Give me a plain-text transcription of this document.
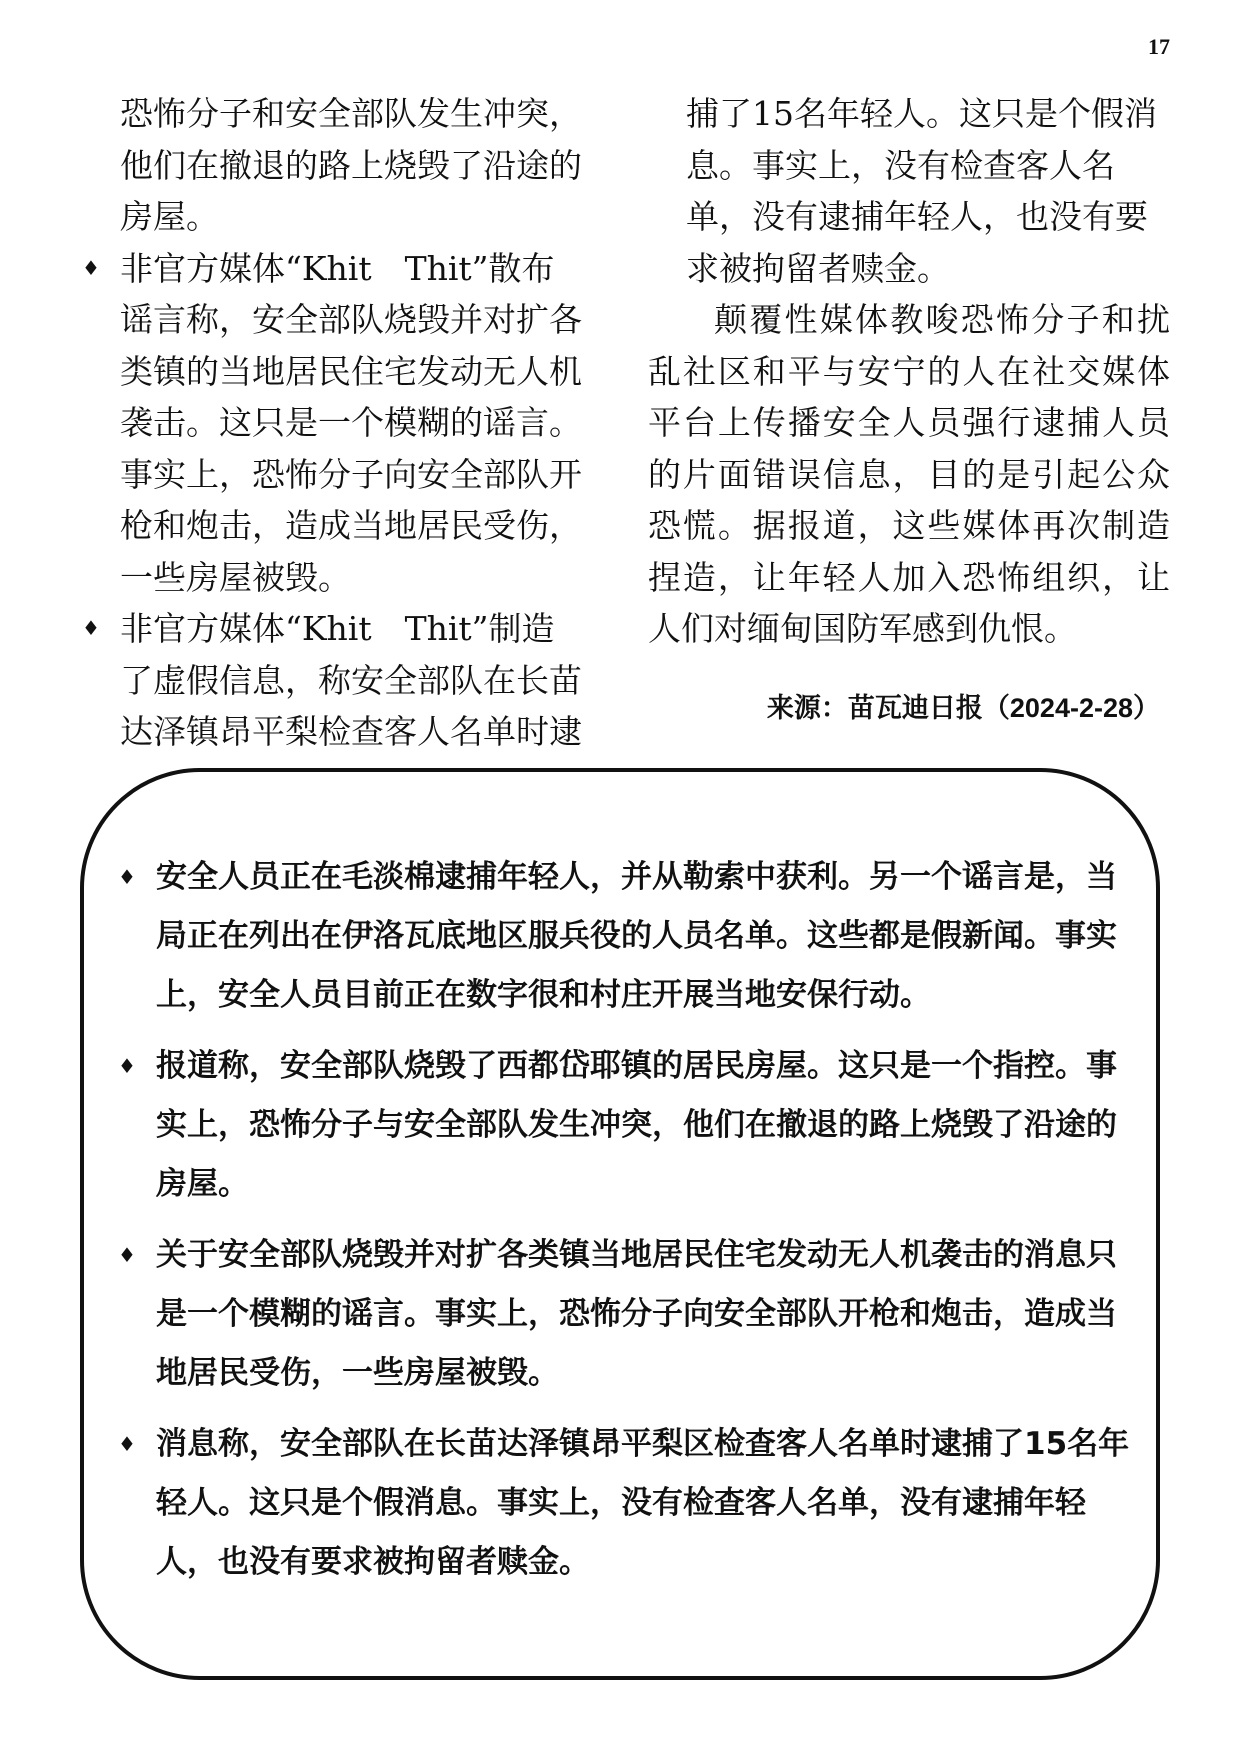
17
恐怖分子和安全部队发生冲突，
他们在撤退的路上烧毁了沿途的
房屋。
♦ 非官方媒体“Khit　Thit”散布
谣言称，安全部队烧毁并对扩各
类镇的当地居民住宅发动无人机
袭击。这只是一个模糊的谣言。
事实上，恐怖分子向安全部队开
枪和炮击，造成当地居民受伤，
一些房屋被毁。
♦ 非官方媒体“Khit　Thit”制造
了虚假信息，称安全部队在长苗
达泽镇昂平梨检查客人名单时逮
捕了15名年轻人。这只是个假消
息。事实上，没有检查客人名
单，没有逮捕年轻人，也没有要
求被拘留者赎金。
颠覆性媒体教唆恐怖分子和扰乱社区和平与安宁的人在社交媒体平台上传播安全人员强行逮捕人员的片面错误信息，目的是引起公众恐慌。据报道，这些媒体再次制造捏造，让年轻人加入恐怖组织，让人们对缅甸国防军感到仇恨。
来源：苗瓦迪日报（2024-2-28）
♦ 安全人员正在毛淡棉逮捕年轻人，并从勒索中获利。另一个谣言是，当局正在列出在伊洛瓦底地区服兵役的人员名单。这些都是假新闻。事实上，安全人员目前正在数字很和村庄开展当地安保行动。
♦ 报道称，安全部队烧毁了西都岱耶镇的居民房屋。这只是一个指控。事实上，恐怖分子与安全部队发生冲突，他们在撤退的路上烧毁了沿途的房屋。
♦ 关于安全部队烧毁并对扩各类镇当地居民住宅发动无人机袭击的消息只是一个模糊的谣言。事实上，恐怖分子向安全部队开枪和炮击，造成当地居民受伤，一些房屋被毁。
♦ 消息称，安全部队在长苗达泽镇昂平梨区检查客人名单时逮捕了15名年轻人。这只是个假消息。事实上，没有检查客人名单，没有逮捕年轻人，也没有要求被拘留者赎金。
